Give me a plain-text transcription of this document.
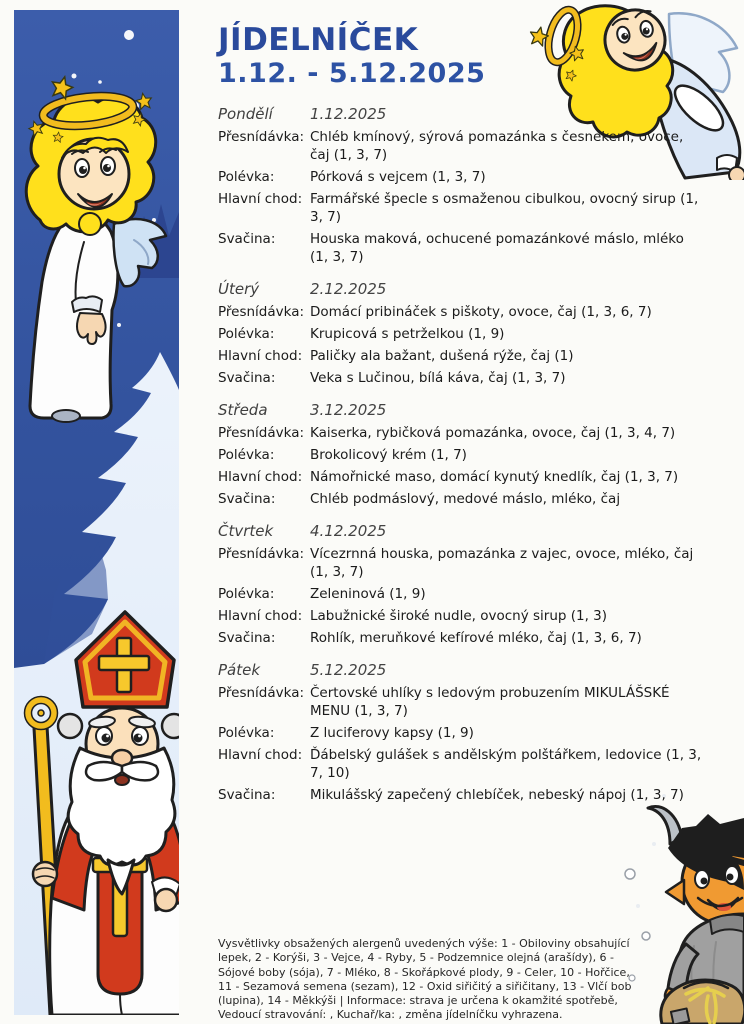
JÍDELNÍČEK
1.12. - 5.12.2025
Pondělí	1.12.2025
Přesnídávka: Chléb kmínový, sýrová pomazánka s česnekem, ovoce, čaj (1, 3, 7)
Polévka:	Pórková s vejcem (1, 3, 7)
Hlavní chod: Farmářské špecle s osmaženou cibulkou, ovocný sirup (1, 3, 7)
Svačina:	Houska maková, ochucené pomazánkové máslo, mléko (1, 3, 7)
Úterý	2.12.2025
Přesnídávka: Domácí pribináček s piškoty, ovoce, čaj (1, 3, 6, 7)
Polévka:	Krupicová s petrželkou (1, 9)
Hlavní chod: Paličky ala bažant, dušená rýže, čaj (1)
Svačina:	Veka s Lučinou, bílá káva, čaj (1, 3, 7)
Středa	3.12.2025
Přesnídávka: Kaiserka, rybičková pomazánka, ovoce, čaj (1, 3, 4, 7)
Polévka:	Brokolicový krém (1, 7)
Hlavní chod: Námořnické maso, domácí kynutý knedlík, čaj (1, 3, 7)
Svačina:	Chléb podmáslový, medové máslo, mléko, čaj
Čtvrtek	4.12.2025
Přesnídávka: Vícezrnná houska, pomazánka z vajec, ovoce, mléko, čaj (1, 3, 7)
Polévka:	Zeleninová (1, 9)
Hlavní chod: Labužnické široké nudle, ovocný sirup (1, 3)
Svačina:	Rohlík, meruňkové kefírové mléko, čaj (1, 3, 6, 7)
Pátek	5.12.2025
Přesnídávka: Čertovské uhlíky s ledovým probuzením MIKULÁŠSKÉ MENU (1, 3, 7)
Polévka:	Z luciferovy kapsy (1, 9)
Hlavní chod: Ďábelský gulášek s andělským polštářkem, ledovice (1, 3, 7, 10)
Svačina:	Mikulášský zapečený chlebíček, nebeský nápoj (1, 3, 7)
Vysvětlivky obsažených alergenů uvedených výše: 1 - Obiloviny obsahující lepek, 2 - Korýši, 3 - Vejce, 4 - Ryby, 5 - Podzemnice olejná (arašídy), 6 - Sójové boby (sója), 7 - Mléko, 8 - Skořápkové plody, 9 - Celer, 10 - Hořčice, 11 - Sezamová semena (sezam), 12 - Oxid siřičitý a siřičitany, 13 - Vlčí bob (lupina), 14 - Měkkýši | Informace: strava je určena k okamžité spotřebě, Vedoucí stravování: , Kuchař/ka: , změna jídelníčku vyhrazena.
